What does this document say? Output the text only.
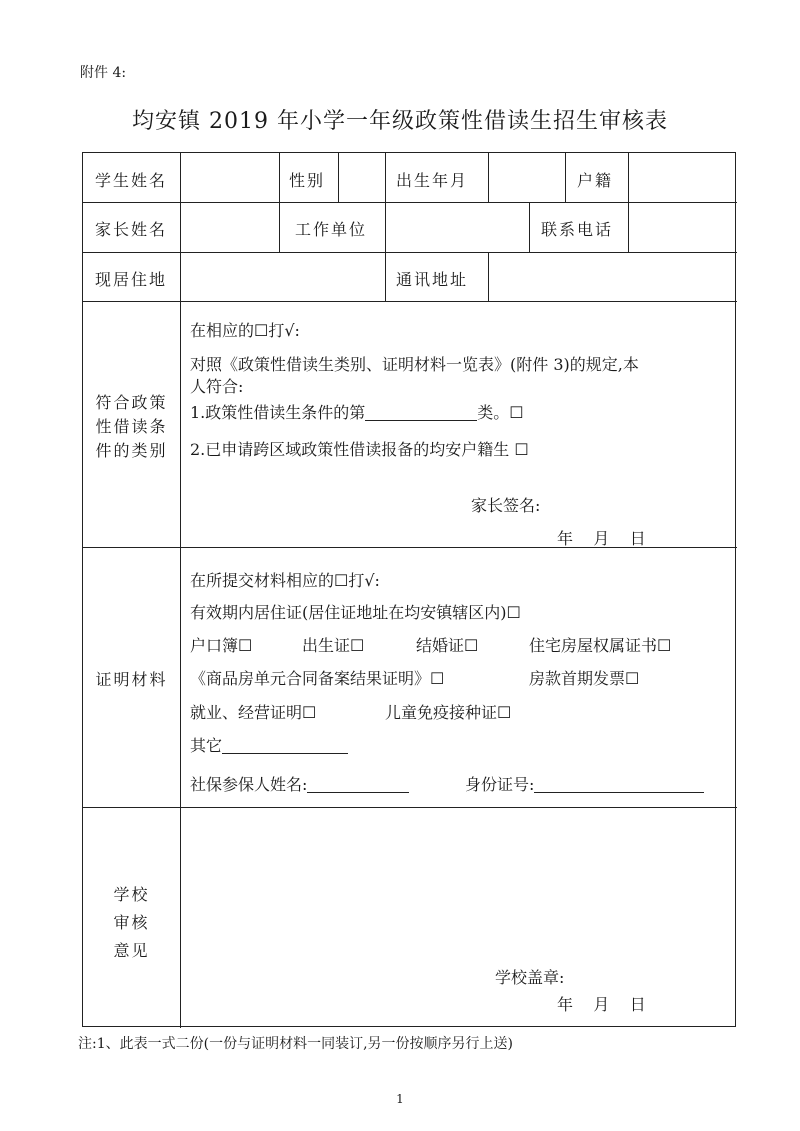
附件 4:
均安镇 2019 年小学一年级政策性借读生招生审核表
学生姓名	性别	出生年月	户籍
家长姓名	工作单位	联系电话
现居住地	通讯地址
符合政策
性借读条
件的类别
在相应的☐打√:
对照《政策性借读生类别、证明材料一览表》(附件 3)的规定,本
人符合:
1.政策性借读生条件的第	类。☐
2.已申请跨区域政策性借读报备的均安户籍生 ☐
家长签名:
年    月    日
证明材料
在所提交材料相应的☐打√:
有效期内居住证(居住证地址在均安镇辖区内)☐
户口簿☐	出生证☐	结婚证☐	住宅房屋权属证书☐
《商品房单元合同备案结果证明》☐	房款首期发票☐
就业、经营证明☐	儿童免疫接种证☐
其它
社保参保人姓名:	身份证号:
学校
审核
意见
学校盖章:
年    月    日
注:1、此表一式二份(一份与证明材料一同装订,另一份按顺序另行上送)
1
